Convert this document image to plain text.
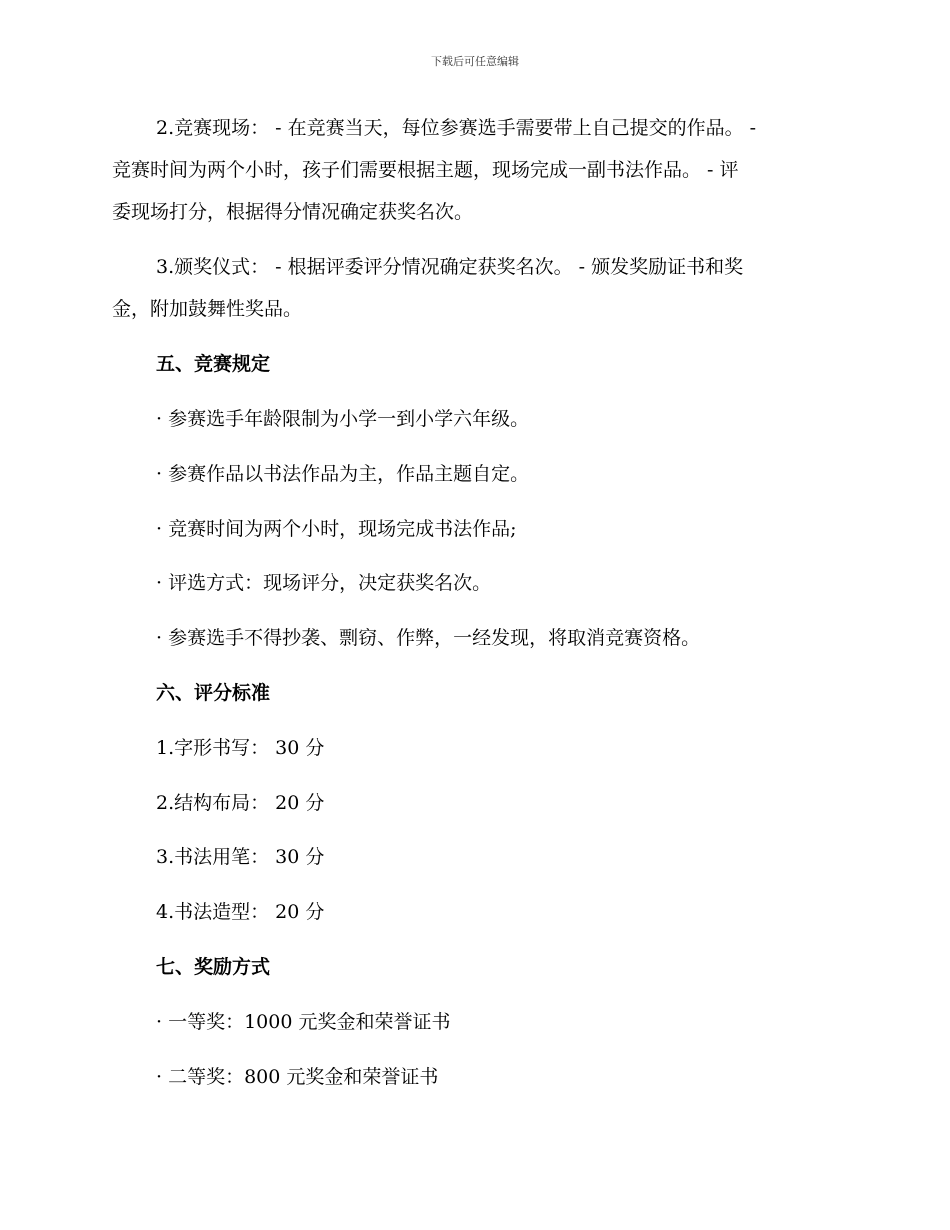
下载后可任意编辑
2.竞赛现场： - 在竞赛当天，每位参赛选手需要带上自己提交的作品。 -
竞赛时间为两个小时，孩子们需要根据主题，现场完成一副书法作品。 - 评
委现场打分，根据得分情况确定获奖名次。
3.颁奖仪式： - 根据评委评分情况确定获奖名次。 - 颁发奖励证书和奖
金，附加鼓舞性奖品。
五、竞赛规定
· 参赛选手年龄限制为小学一到小学六年级。
· 参赛作品以书法作品为主，作品主题自定。
· 竞赛时间为两个小时，现场完成书法作品;
· 评选方式：现场评分，决定获奖名次。
· 参赛选手不得抄袭、剽窃、作弊，一经发现，将取消竞赛资格。
六、评分标准
1.字形书写： 30 分
2.结构布局： 20 分
3.书法用笔： 30 分
4.书法造型： 20 分
七、奖励方式
· 一等奖：1000 元奖金和荣誉证书
· 二等奖：800 元奖金和荣誉证书
